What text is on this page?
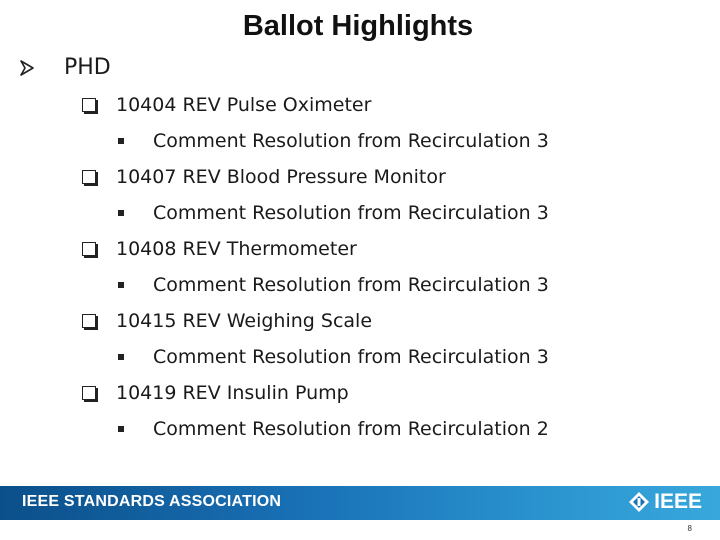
Ballot Highlights
PHD
10404 REV Pulse Oximeter
Comment Resolution from Recirculation 3
10407 REV Blood Pressure Monitor
Comment Resolution from Recirculation 3
10408 REV Thermometer
Comment Resolution from Recirculation 3
10415 REV Weighing Scale
Comment Resolution from Recirculation 3
10419 REV Insulin Pump
Comment Resolution from Recirculation 2
IEEE STANDARDS ASSOCIATION	IEEE
8
